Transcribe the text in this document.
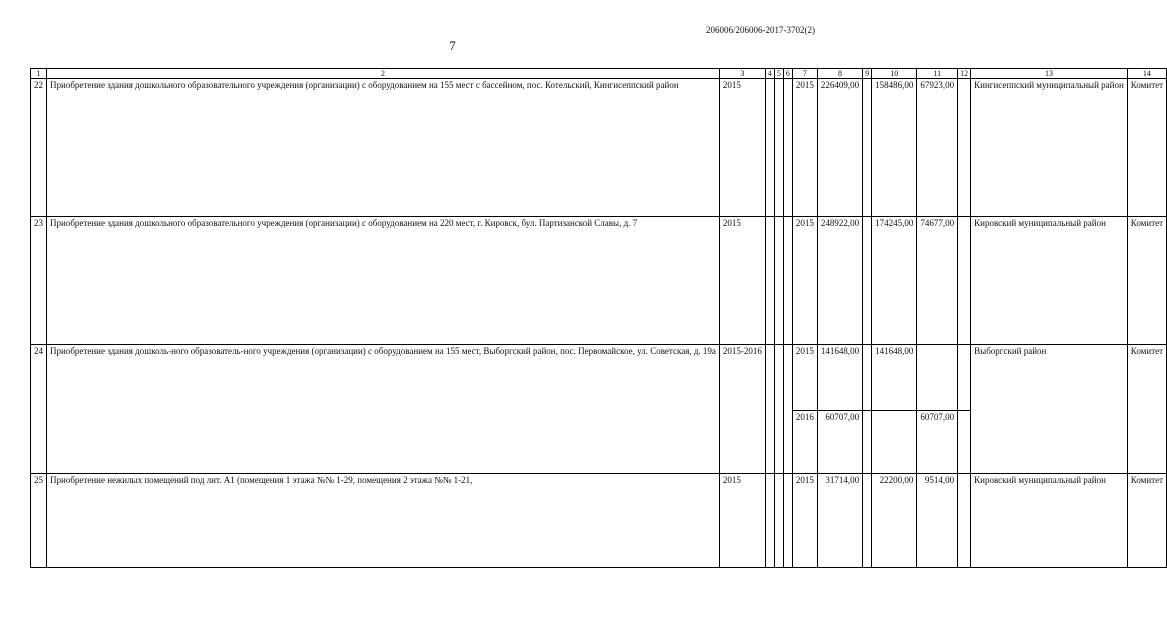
206006/206006-2017-3702(2)
7
1	2	3	4	5	6	7	8	9	10	11	12	13	14
22	Приобретение здания дошкольного образовательного учреждения (организации) с оборудованием на 155 мест с бассейном, пос. Котельский, Кингисеппский район	2015				2015	226409,00		158486,00	67923,00		Кингисеппский муниципальный район	Комитет
23	Приобретение здания дошкольного образовательного учреждения (организации) с оборудованием на 220 мест, г. Кировск, бул. Партизанской Славы, д. 7	2015				2015	248922,00		174245,00	74677,00		Кировский муниципальный район	Комитет
24	Приобретение здания дошколь-ного образователь-ного учреждения (организации) с оборудованием на 155 мест, Выборгский район, пос. Первомайское, ул. Советская, д. 19а	2015-2016				2015	141648,00		141648,00			Выборгский район	Комитет
						2016	60707,00			60707,00			
25	Приобретение нежилых помещений под лит. А1 (помещения 1 этажа №№ 1-29, помещения 2 этажа №№ 1-21,	2015				2015	31714,00		22200,00	9514,00		Кировский муниципальный район	Комитет
